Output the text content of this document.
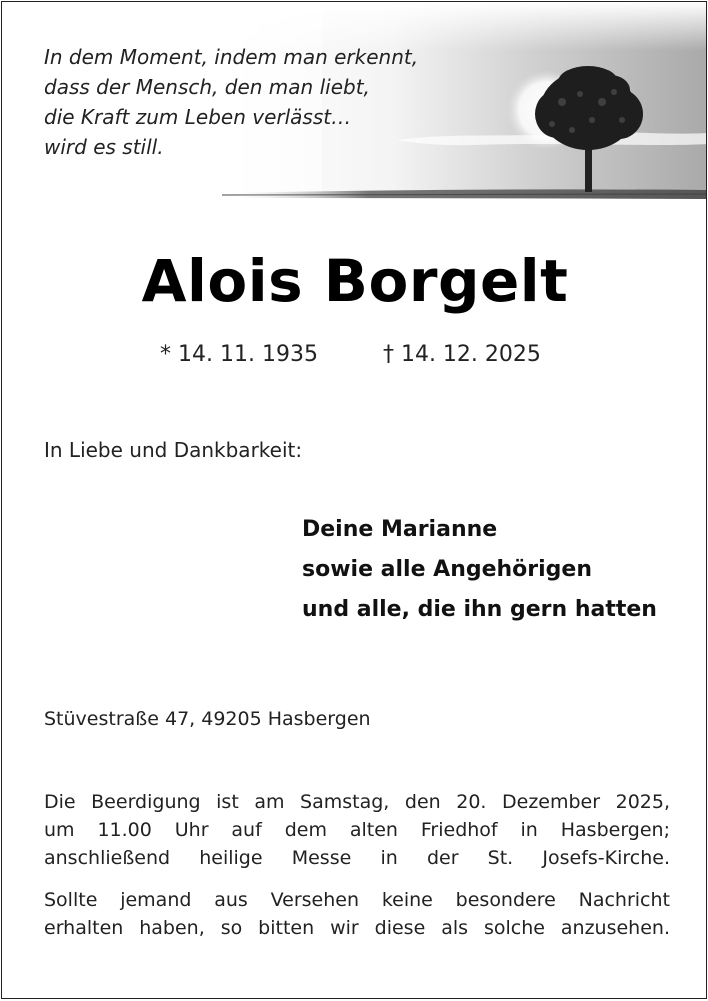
In dem Moment, indem man erkennt,
dass der Mensch, den man liebt,
die Kraft zum Leben verlässt…
wird es still.
Alois Borgelt
* 14. 11. 1935	† 14. 12. 2025
In Liebe und Dankbarkeit:
Deine Marianne
sowie alle Angehörigen
und alle, die ihn gern hatten
Stüvestraße 47, 49205 Hasbergen

Die Beerdigung ist am Samstag, den 20. Dezember 2025,
um 11.00 Uhr auf dem alten Friedhof in Hasbergen;
anschließend heilige Messe in der St. Josefs-Kirche.

Sollte jemand aus Versehen keine besondere Nachricht
erhalten haben, so bitten wir diese als solche anzusehen.
